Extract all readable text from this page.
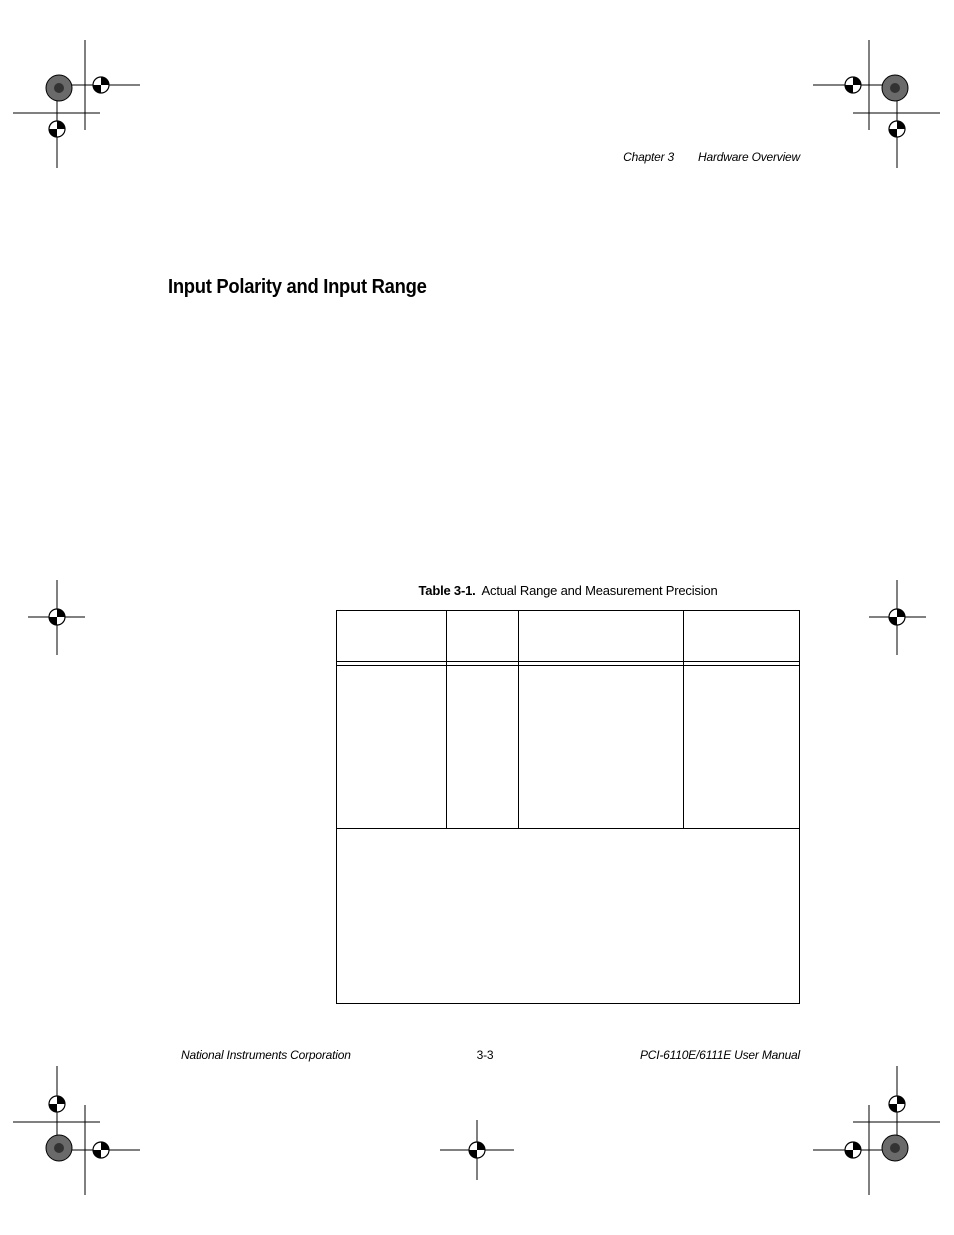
Chapter 3 Hardware Overview
Input Polarity and Input Range
Table 3-1. Actual Range and Measurement Precision
National Instruments Corporation	3-3	PCI-6110E/6111E User Manual
